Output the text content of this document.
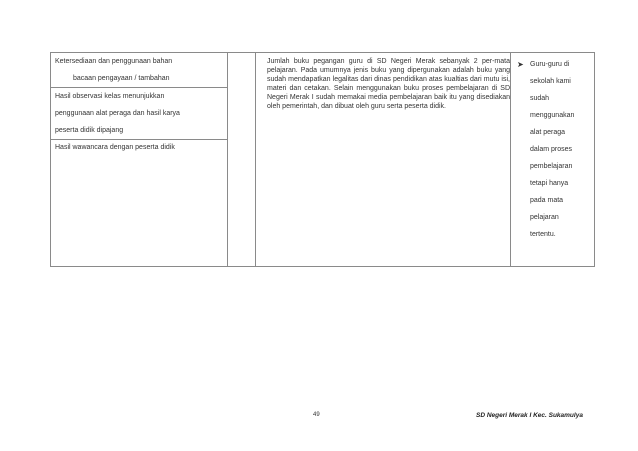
Ketersediaan dan penggunaan bahan
bacaan pengayaan / tambahan
Hasil observasi kelas menunjukkan
penggunaan alat peraga dan hasil karya
peserta didik dipajang
Hasil wawancara dengan peserta didik
Jumlah buku pegangan guru di SD Negeri Merak sebanyak 2 per-mata pelajaran. Pada umumnya jenis buku yang dipergunakan adalah buku yang sudah mendapatkan legalitas dari dinas pendidikan atas kualtias dari mutu isi, materi dan cetakan. Selain menggunakan buku proses pembelajaran di SD Negeri Merak I sudah memakai media pembelajaran baik itu yang disediakan oleh pemerintah, dan dibuat oleh guru serta peserta didik.
➤ Guru-guru di
sekolah kami
sudah
menggunakan
alat peraga
dalam proses
pembelajaran
tetapi hanya
pada mata
pelajaran
tertentu.
49	SD Negeri Merak I Kec. Sukamulya
